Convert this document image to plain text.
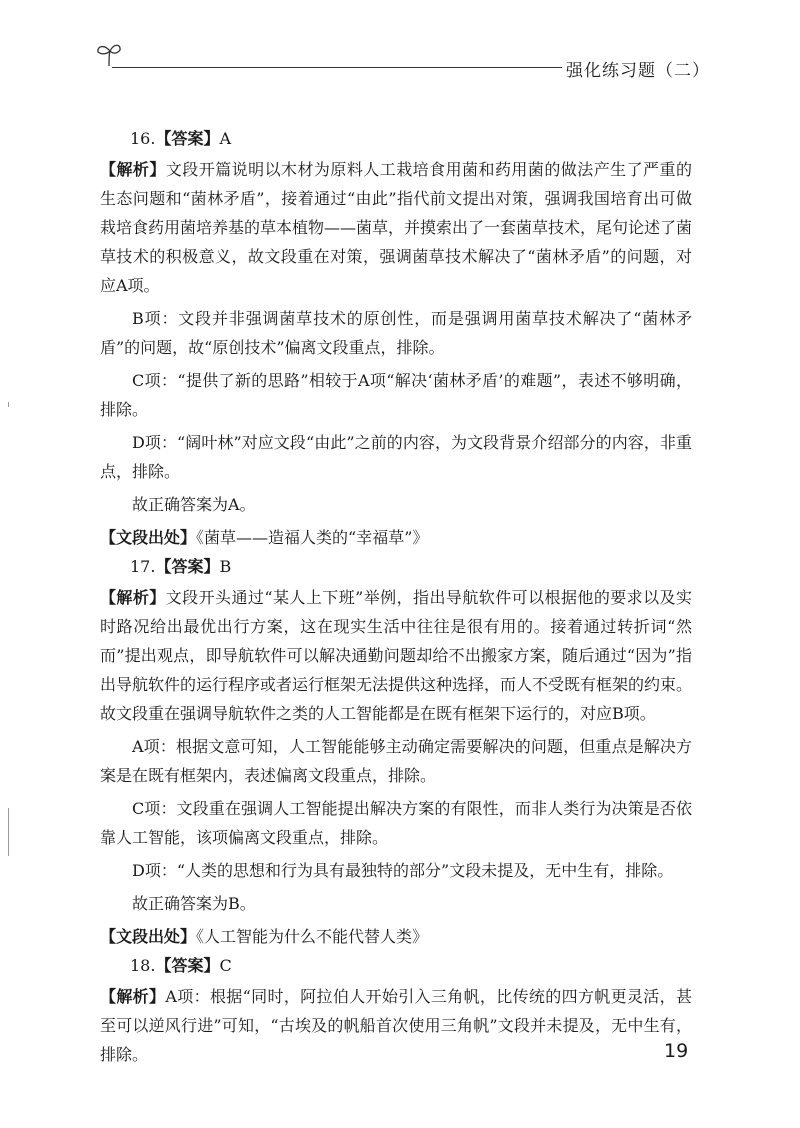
强化练习题（二）

16.【答案】A

【解析】文段开篇说明以木材为原料人工栽培食用菌和药用菌的做法产生了严重的生态问题和“菌林矛盾”，接着通过“由此”指代前文提出对策，强调我国培育出可做栽培食药用菌培养基的草本植物——菌草，并摸索出了一套菌草技术，尾句论述了菌草技术的积极意义，故文段重在对策，强调菌草技术解决了“菌林矛盾”的问题，对应A项。

B项：文段并非强调菌草技术的原创性，而是强调用菌草技术解决了“菌林矛盾”的问题，故“原创技术”偏离文段重点，排除。

C项：“提供了新的思路”相较于A项“解决‘菌林矛盾’的难题”，表述不够明确，排除。

D项：“阔叶林”对应文段“由此”之前的内容，为文段背景介绍部分的内容，非重点，排除。

故正确答案为A。

【文段出处】《菌草——造福人类的“幸福草”》

17.【答案】B

【解析】文段开头通过“某人上下班”举例，指出导航软件可以根据他的要求以及实时路况给出最优出行方案，这在现实生活中往往是很有用的。接着通过转折词“然而”提出观点，即导航软件可以解决通勤问题却给不出搬家方案，随后通过“因为”指出导航软件的运行程序或者运行框架无法提供这种选择，而人不受既有框架的约束。故文段重在强调导航软件之类的人工智能都是在既有框架下运行的，对应B项。

A项：根据文意可知，人工智能能够主动确定需要解决的问题，但重点是解决方案是在既有框架内，表述偏离文段重点，排除。

C项：文段重在强调人工智能提出解决方案的有限性，而非人类行为决策是否依靠人工智能，该项偏离文段重点，排除。

D项：“人类的思想和行为具有最独特的部分”文段未提及，无中生有，排除。

故正确答案为B。

【文段出处】《人工智能为什么不能代替人类》

18.【答案】C

【解析】A项：根据“同时，阿拉伯人开始引入三角帆，比传统的四方帆更灵活，甚至可以逆风行进”可知，“古埃及的帆船首次使用三角帆”文段并未提及，无中生有，排除。	19
